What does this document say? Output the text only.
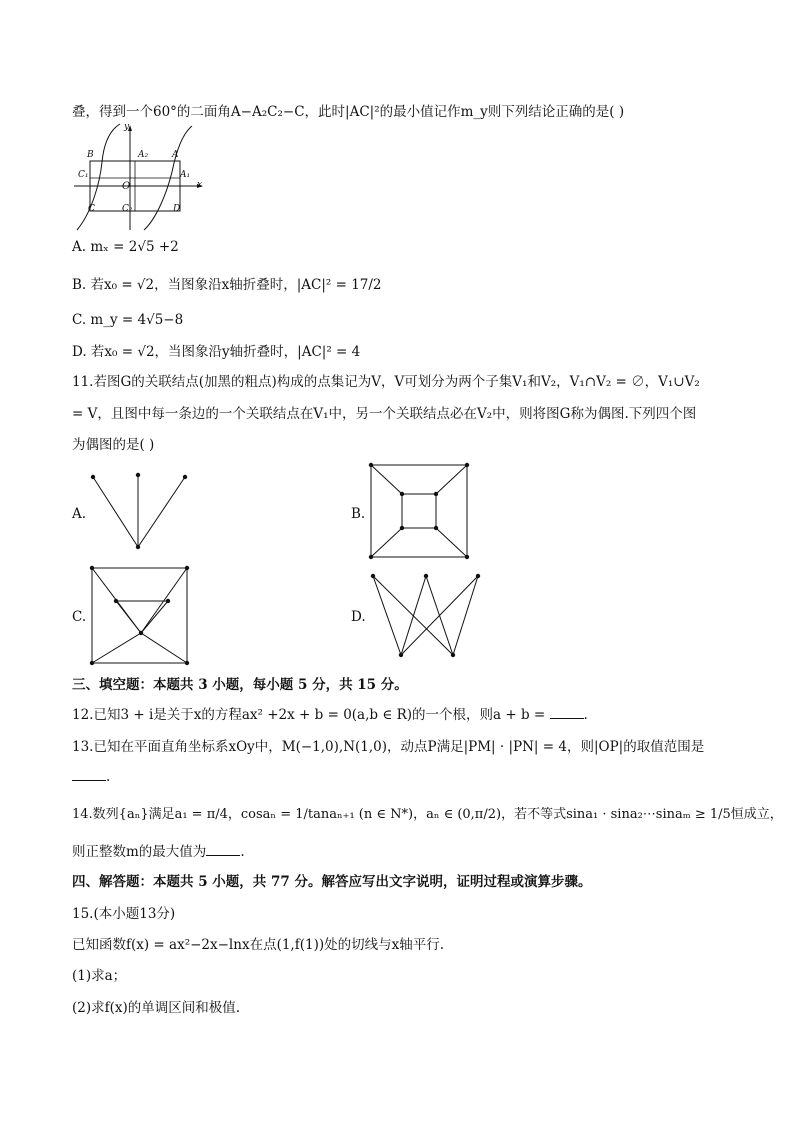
叠，得到一个60°的二面角A−A₂C₂−C，此时|AC|²的最小值记作m_y则下列结论正确的是( )
y
x
O
B	A₂	A
C₁	A₁
C	C₂	D
A. mₓ = 2√5 +2
B. 若x₀ = √2，当图象沿x轴折叠时，|AC|² = 17/2
C. m_y = 4√5−8
D. 若x₀ = √2，当图象沿y轴折叠时，|AC|² = 4
11.若图G的关联结点(加黑的粗点)构成的点集记为V，V可划分为两个子集V₁和V₂，V₁∩V₂ = ∅，V₁∪V₂
= V，且图中每一条边的一个关联结点在V₁中，另一个关联结点必在V₂中，则将图G称为偶图.下列四个图
为偶图的是( )
A.	B.
C.	D.
三、填空题：本题共 3 小题，每小题 5 分，共 15 分。
12.已知3 + i是关于x的方程ax² +2x + b = 0(a,b ∈ R)的一个根，则a + b =	.
13.已知在平面直角坐标系xOy中，M(−1,0),N(1,0)，动点P满足|PM| · |PN| = 4，则|OP|的取值范围是
.
14.数列{aₙ}满足a₁ = π/4，cosaₙ = 1/tanaₙ₊₁ (n ∈ N*)，aₙ ∈ (0,π/2)，若不等式sina₁ · sina₂⋯sinaₘ ≥ 1/5恒成立，
则正整数m的最大值为	.
四、解答题：本题共 5 小题，共 77 分。解答应写出文字说明，证明过程或演算步骤。
15.(本小题13分)
已知函数f(x) = ax²−2x−lnx在点(1,f(1))处的切线与x轴平行.
(1)求a；
(2)求f(x)的单调区间和极值.
